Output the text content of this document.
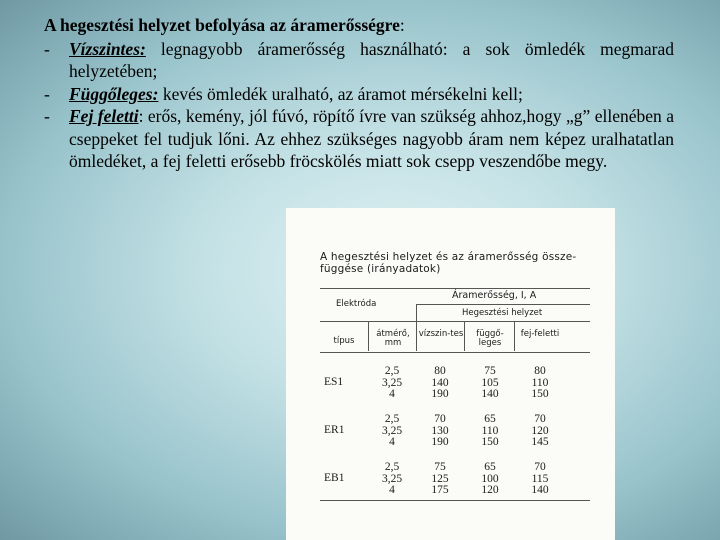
A hegesztési helyzet befolyása az áramerősségre:
- Vízszintes: legnagyobb áramerősség használható: a sok ömledék megmarad helyzetében;
- Függőleges: kevés ömledék uralható, az áramot mérsékelni kell;
- Fej feletti: erős, kemény, jól fúvó, röpítő ívre van szükség ahhoz,hogy „g” ellenében a cseppeket fel tudjuk lőni. Az ehhez szükséges nagyobb áram nem képez uralhatatlan ömledéket, a fej feletti erősebb fröcskölés miatt sok csepp veszendőbe megy.
A hegesztési helyzet és az áramerősség össze-
függése (irányadatok)
Áramerősség, I, A
Elektróda
Hegesztési helyzet
típus
átmérő, mm
vízszin-tes	függő-leges
fej-feletti
ES1
2,5
3,25
4
80
140
190
75
105
140
80
110
150
ER1
2,5
3,25
4
70
130
190
65
110
150
70
120
145
EB1
2,5
3,25
4
75
125
175
65
100
120
70
115
140
